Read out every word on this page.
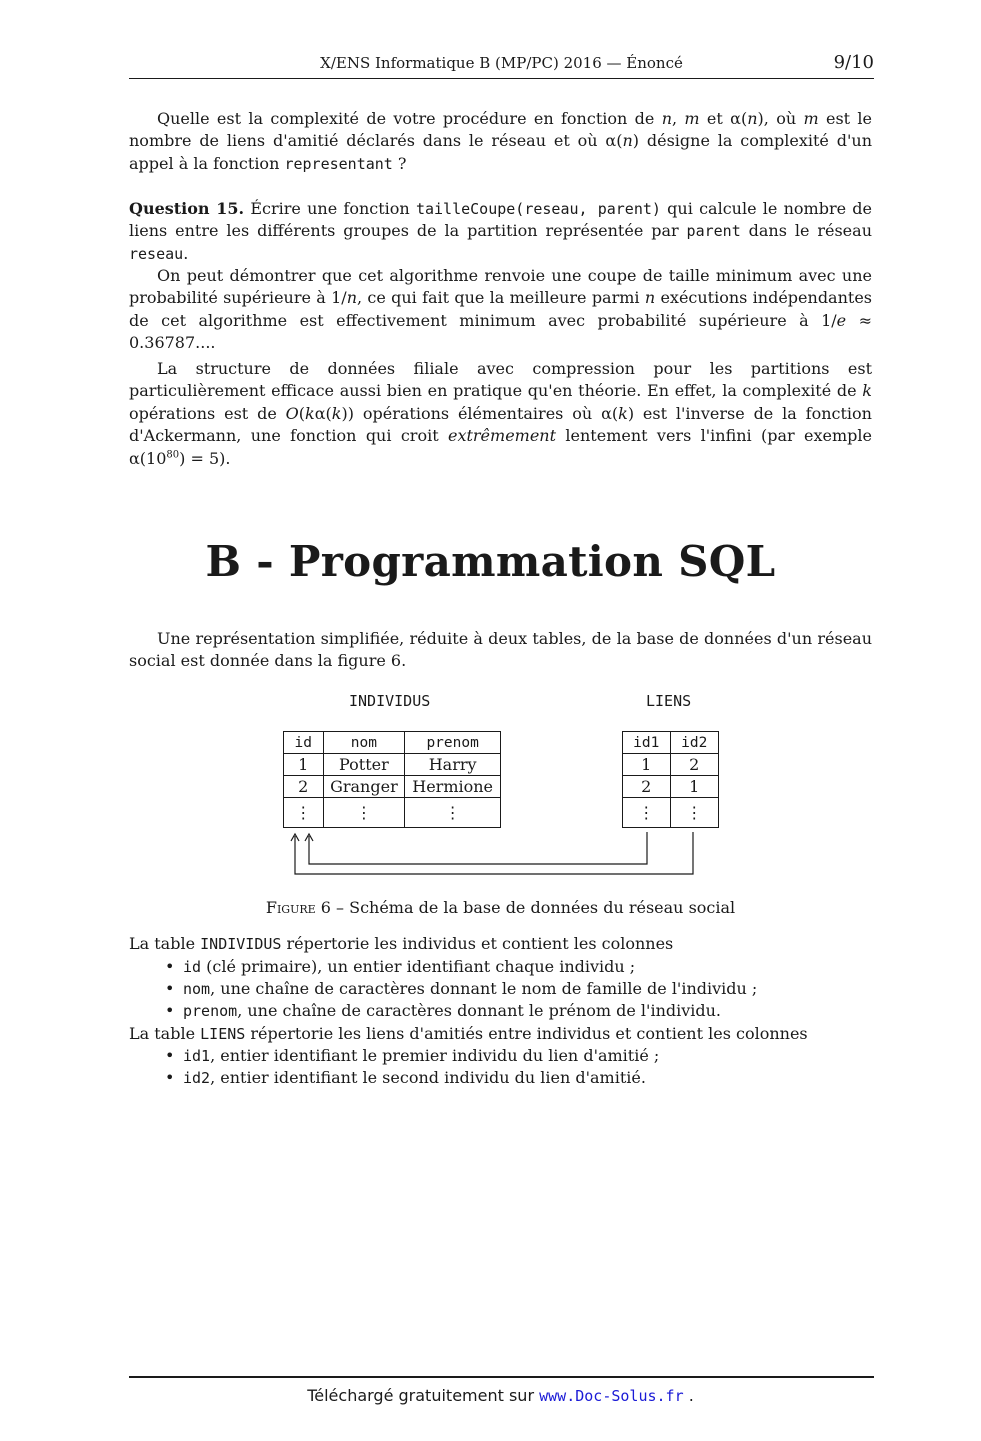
X/ENS Informatique B (MP/PC) 2016 — Énoncé	9/10

Quelle est la complexité de votre procédure en fonction de n, m et α(n), où m est le nombre de liens d'amitié déclarés dans le réseau et où α(n) désigne la complexité d'un appel à la fonction representant ?

Question 15. Écrire une fonction tailleCoupe(reseau, parent) qui calcule le nombre de liens entre les différents groupes de la partition représentée par parent dans le réseau reseau.

On peut démontrer que cet algorithme renvoie une coupe de taille minimum avec une probabilité supérieure à 1/n, ce qui fait que la meilleure parmi n exécutions indépendantes de cet algorithme est effectivement minimum avec probabilité supérieure à 1/e ≈ 0.36787....

La structure de données filiale avec compression pour les partitions est particulièrement efficace aussi bien en pratique qu'en théorie. En effet, la complexité de k opérations est de O(kα(k)) opérations élémentaires où α(k) est l'inverse de la fonction d'Ackermann, une fonction qui croit extrêmement lentement vers l'infini (par exemple $\alpha(10^{80}) = 5$).

B - Programmation SQL

Une représentation simplifiée, réduite à deux tables, de la base de données d'un réseau social est donnée dans la figure 6.

INDIVIDUS	LIENS
id	nom	prenom
1	Potter	Harry
2	Granger	Hermione
⋮	⋮	⋮
id1	id2
1	2
2	1
⋮	⋮
Figure 6 – Schéma de la base de données du réseau social
La table INDIVIDUS répertorie les individus et contient les colonnes
• id (clé primaire), un entier identifiant chaque individu ;
• nom, une chaîne de caractères donnant le nom de famille de l'individu ;
• prenom, une chaîne de caractères donnant le prénom de l'individu.
La table LIENS répertorie les liens d'amitiés entre individus et contient les colonnes
• id1, entier identifiant le premier individu du lien d'amitié ;
• id2, entier identifiant le second individu du lien d'amitié.
Téléchargé gratuitement sur www.Doc-Solus.fr .
